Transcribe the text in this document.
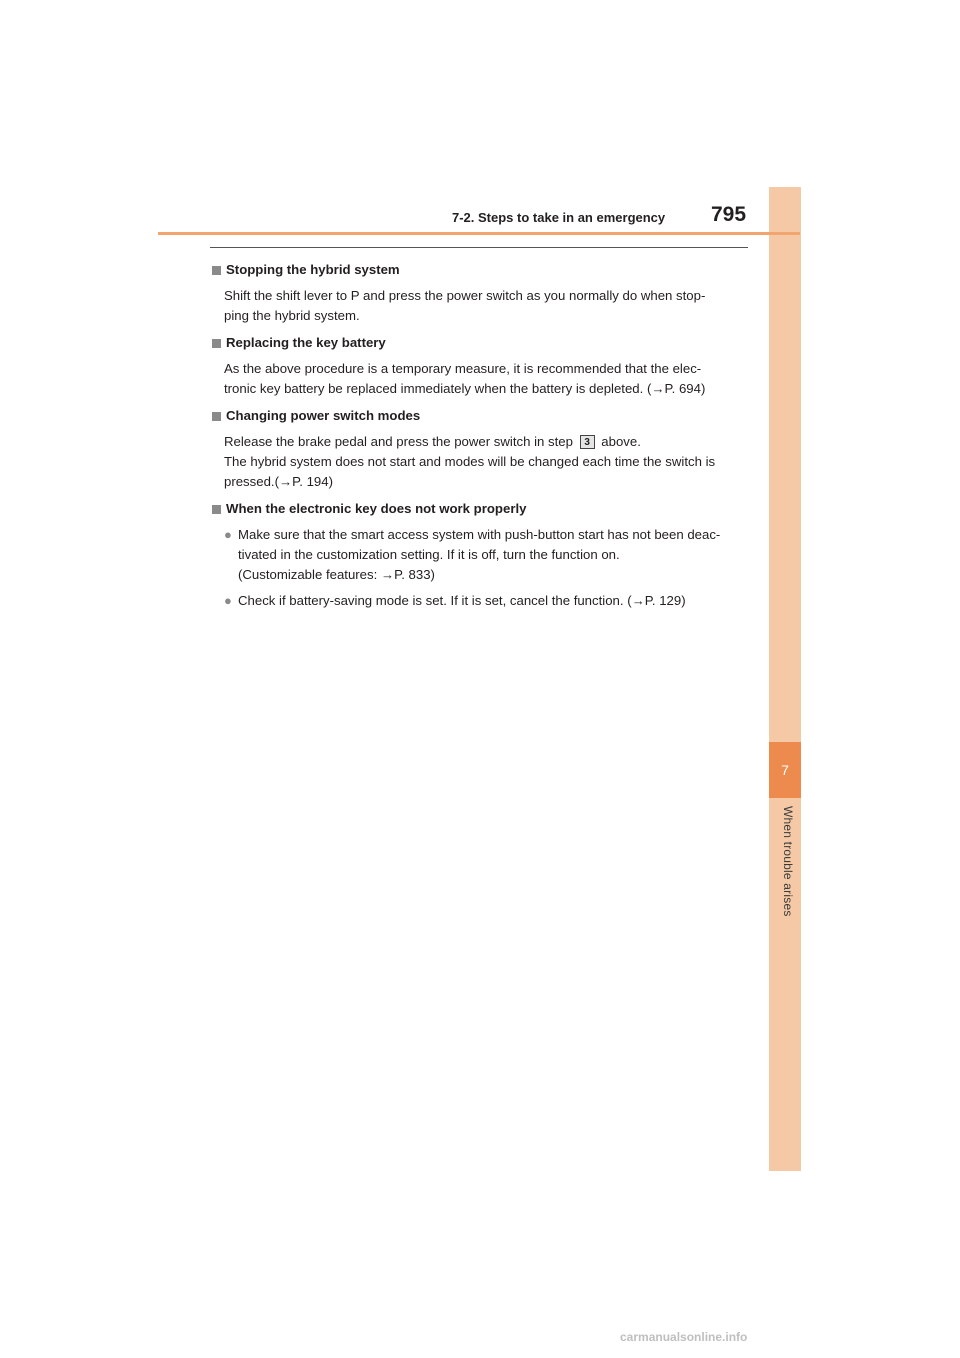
7
When trouble arises
7-2. Steps to take in an emergency 795
Stopping the hybrid system
Shift the shift lever to P and press the power switch as you normally do when stop-
ping the hybrid system.
Replacing the key battery
As the above procedure is a temporary measure, it is recommended that the elec-
tronic key battery be replaced immediately when the battery is depleted. (→P. 694)
Changing power switch modes
Release the brake pedal and press the power switch in step 3 above.
The hybrid system does not start and modes will be changed each time the switch is
pressed.(→P. 194)
When the electronic key does not work properly
● Make sure that the smart access system with push-button start has not been deac-
tivated in the customization setting. If it is off, turn the function on.
(Customizable features: →P. 833)
● Check if battery-saving mode is set. If it is set, cancel the function. (→P. 129)
carmanualsonline.info
